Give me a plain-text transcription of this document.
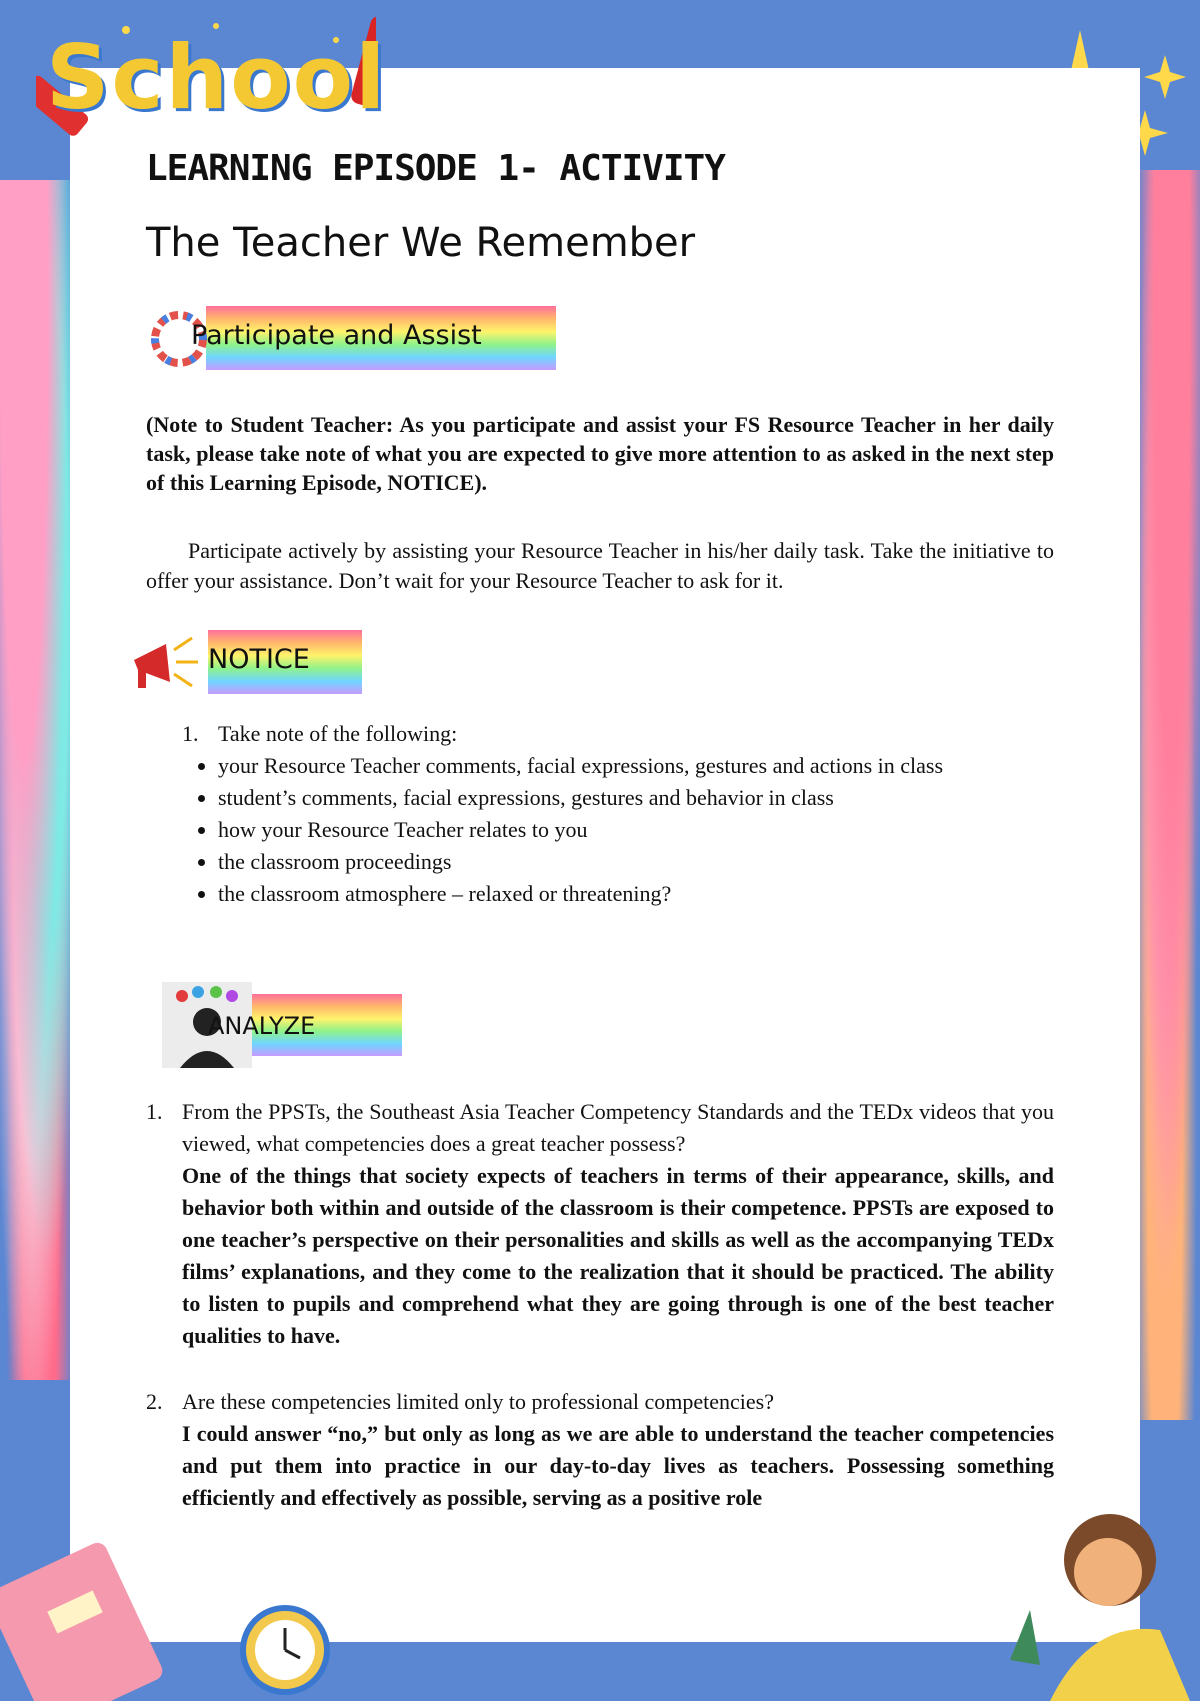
School
LEARNING EPISODE 1- ACTIVITY
The Teacher We Remember
Participate and Assist
(Note to Student Teacher: As you participate and assist your FS Resource Teacher in her daily task, please take note of what you are expected to give more attention to as asked in the next step of this Learning Episode, NOTICE).
Participate actively by assisting your Resource Teacher in his/her daily task. Take the initiative to offer your assistance. Don’t wait for your Resource Teacher to ask for it.
NOTICE
1. Take note of the following:
• your Resource Teacher comments, facial expressions, gestures and actions in class
• student’s comments, facial expressions, gestures and behavior in class
• how your Resource Teacher relates to you
• the classroom proceedings
• the classroom atmosphere – relaxed or threatening?
ANALYZE
1. From the PPSTs, the Southeast Asia Teacher Competency Standards and the TEDx videos that you viewed, what competencies does a great teacher possess?
One of the things that society expects of teachers in terms of their appearance, skills, and behavior both within and outside of the classroom is their competence. PPSTs are exposed to one teacher’s perspective on their personalities and skills as well as the accompanying TEDx films’ explanations, and they come to the realization that it should be practiced. The ability to listen to pupils and comprehend what they are going through is one of the best teacher qualities to have.
2. Are these competencies limited only to professional competencies?
I could answer “no,” but only as long as we are able to understand the teacher competencies and put them into practice in our day-to-day lives as teachers. Possessing something efficiently and effectively as possible, serving as a positive role
